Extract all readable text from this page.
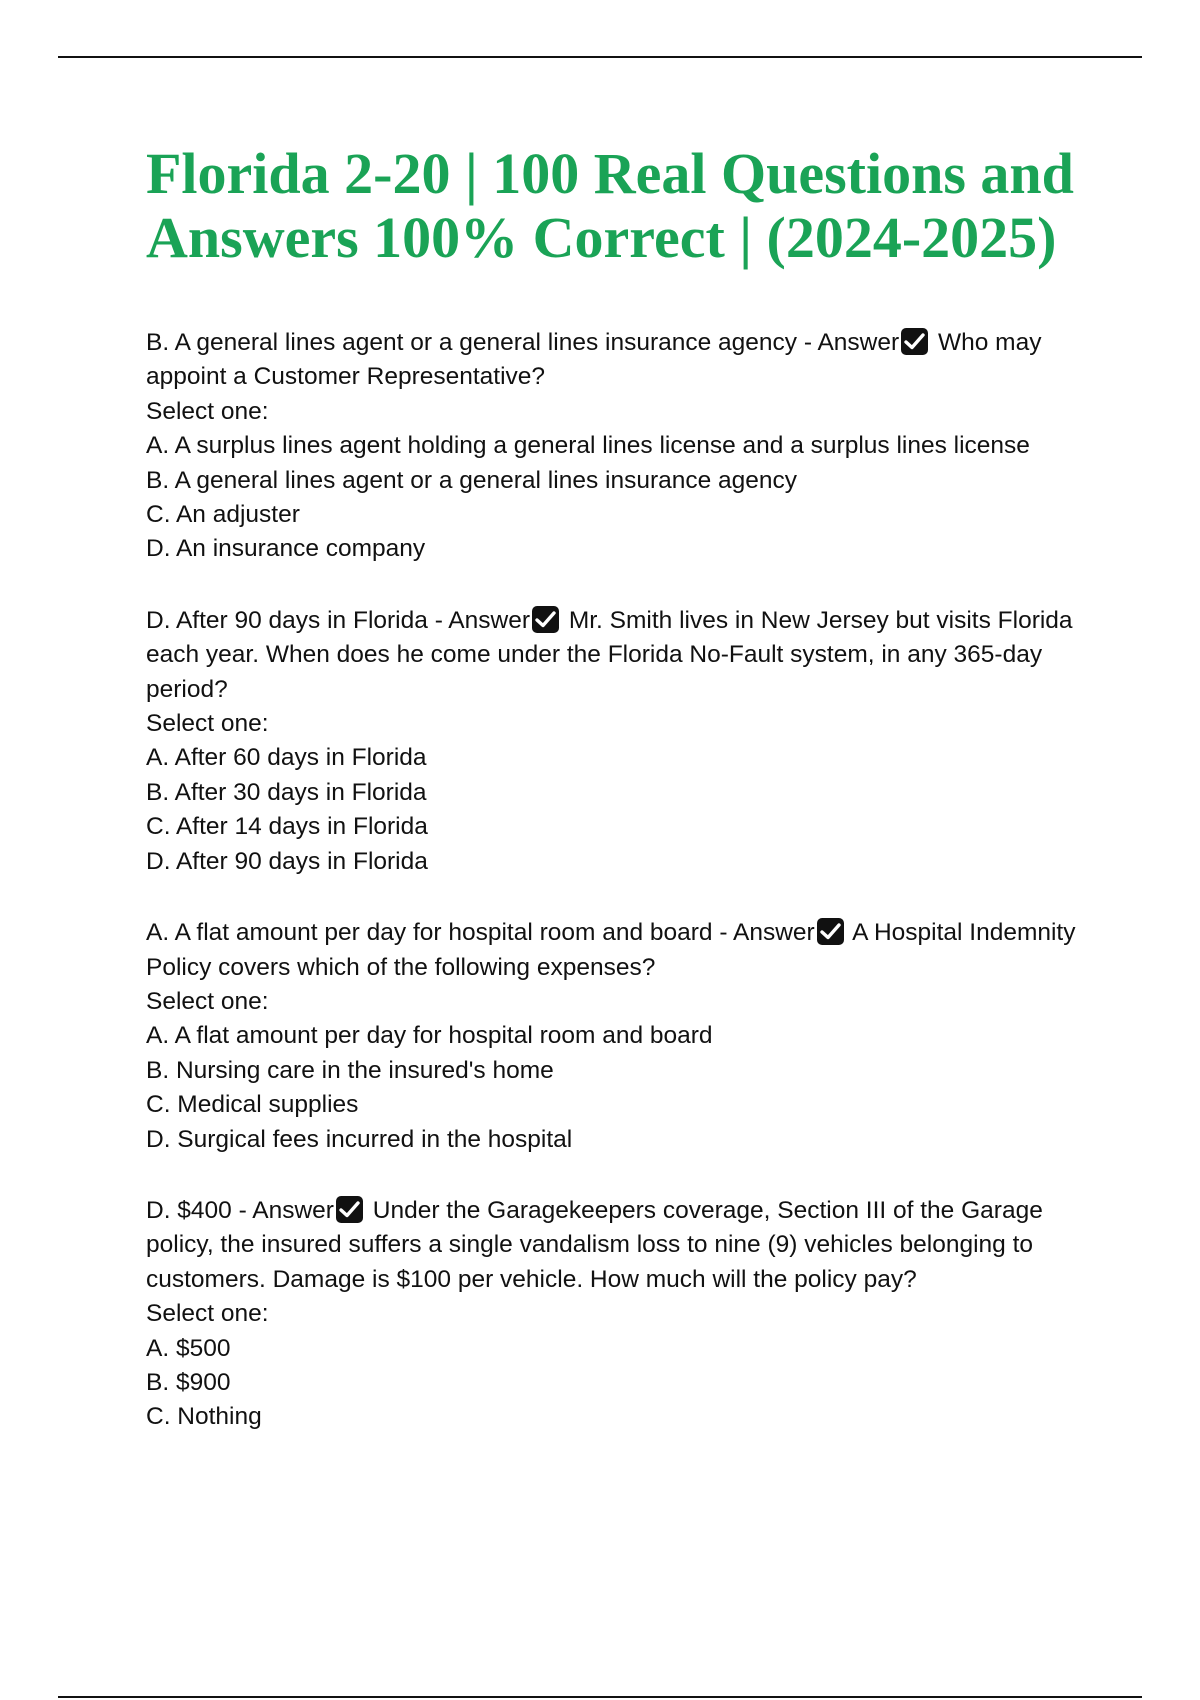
Florida 2-20 | 100 Real Questions and Answers 100% Correct | (2024-2025)

B. A general lines agent or a general lines insurance agency - Answer Who may appoint a Customer Representative?

Select one:

A. A surplus lines agent holding a general lines license and a surplus lines license

B. A general lines agent or a general lines insurance agency

C. An adjuster

D. An insurance company

D. After 90 days in Florida - Answer Mr. Smith lives in New Jersey but visits Florida each year. When does he come under the Florida No-Fault system, in any 365-day period?

Select one:

A. After 60 days in Florida

B. After 30 days in Florida

C. After 14 days in Florida

D. After 90 days in Florida

A. A flat amount per day for hospital room and board - Answer A Hospital Indemnity Policy covers which of the following expenses?

Select one:

A. A flat amount per day for hospital room and board

B. Nursing care in the insured's home

C. Medical supplies

D. Surgical fees incurred in the hospital

D. $400 - Answer Under the Garagekeepers coverage, Section III of the Garage policy, the insured suffers a single vandalism loss to nine (9) vehicles belonging to customers. Damage is $100 per vehicle. How much will the policy pay?

Select one:

A. $500

B. $900

C. Nothing
